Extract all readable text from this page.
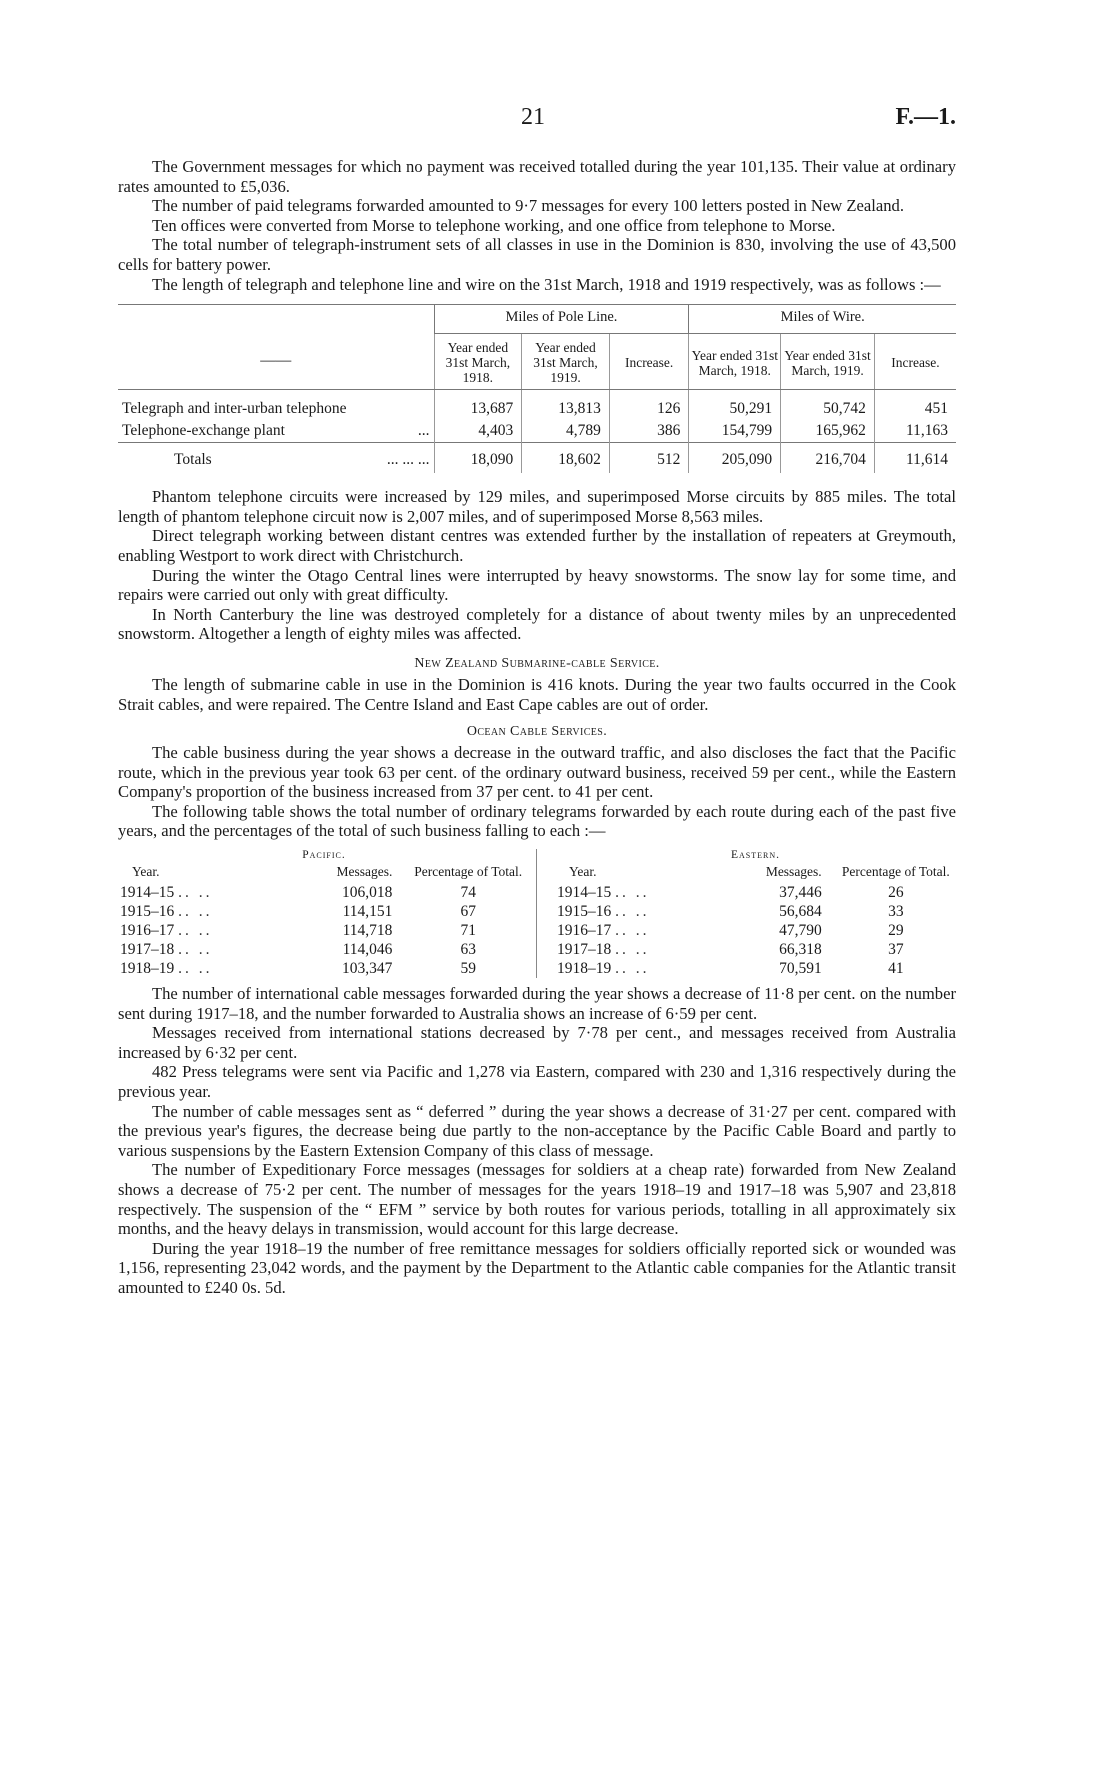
21	F.—1.

The Government messages for which no payment was received totalled during the year 101,135. Their value at ordinary rates amounted to £5,036.

The number of paid telegrams forwarded amounted to 9·7 messages for every 100 letters posted in New Zealand.

Ten offices were converted from Morse to telephone working, and one office from telephone to Morse.

The total number of telegraph-instrument sets of all classes in use in the Dominion is 830, involving the use of 43,500 cells for battery power.

The length of telegraph and telephone line and wire on the 31st March, 1918 and 1919 respectively, was as follows :—

	Miles of Pole Line.			Miles of Wire.		
——	Year ended 31st March, 1918.	Year ended 31st March, 1919.	Increase.	Year ended 31st March, 1918.	Year ended 31st March, 1919.	Increase.
Telegraph and inter-urban telephone	13,687	13,813	126	50,291	50,742	451
Telephone-exchange plant ...	4,403	4,789	386	154,799	165,962	11,163
Totals ... ... ...	18,090	18,602	512	205,090	216,704	11,614

Phantom telephone circuits were increased by 129 miles, and superimposed Morse circuits by 885 miles. The total length of phantom telephone circuit now is 2,007 miles, and of superimposed Morse 8,563 miles.

Direct telegraph working between distant centres was extended further by the installation of repeaters at Greymouth, enabling Westport to work direct with Christchurch.

During the winter the Otago Central lines were interrupted by heavy snowstorms. The snow lay for some time, and repairs were carried out only with great difficulty.

In North Canterbury the line was destroyed completely for a distance of about twenty miles by an unprecedented snowstorm. Altogether a length of eighty miles was affected.

New Zealand Submarine-cable Service.

The length of submarine cable in use in the Dominion is 416 knots. During the year two faults occurred in the Cook Strait cables, and were repaired. The Centre Island and East Cape cables are out of order.

Ocean Cable Services.

The cable business during the year shows a decrease in the outward traffic, and also discloses the fact that the Pacific route, which in the previous year took 63 per cent. of the ordinary outward business, received 59 per cent., while the Eastern Company's proportion of the business increased from 37 per cent. to 41 per cent.

The following table shows the total number of ordinary telegrams forwarded by each route during each of the past five years, and the percentages of the total of such business falling to each :—

Pacific.
Year.	Messages.	Percentage of Total.
1914–15 .. ..	106,018	74
1915–16 .. ..	114,151	67
1916–17 .. ..	114,718	71
1917–18 .. ..	114,046	63
1918–19 .. ..	103,347	59
Eastern.
Year.	Messages.	Percentage of Total.
1914–15 .. ..	37,446	26
1915–16 .. ..	56,684	33
1916–17 .. ..	47,790	29
1917–18 .. ..	66,318	37
1918–19 .. ..	70,591	41

The number of international cable messages forwarded during the year shows a decrease of 11·8 per cent. on the number sent during 1917–18, and the number forwarded to Australia shows an increase of 6·59 per cent.

Messages received from international stations decreased by 7·78 per cent., and messages received from Australia increased by 6·32 per cent.

482 Press telegrams were sent via Pacific and 1,278 via Eastern, compared with 230 and 1,316 respectively during the previous year.

The number of cable messages sent as “ deferred ” during the year shows a decrease of 31·27 per cent. compared with the previous year's figures, the decrease being due partly to the non-acceptance by the Pacific Cable Board and partly to various suspensions by the Eastern Extension Company of this class of message.

The number of Expeditionary Force messages (messages for soldiers at a cheap rate) forwarded from New Zealand shows a decrease of 75·2 per cent. The number of messages for the years 1918–19 and 1917–18 was 5,907 and 23,818 respectively. The suspension of the “ EFM ” service by both routes for various periods, totalling in all approximately six months, and the heavy delays in transmission, would account for this large decrease.

During the year 1918–19 the number of free remittance messages for soldiers officially reported sick or wounded was 1,156, representing 23,042 words, and the payment by the Department to the Atlantic cable companies for the Atlantic transit amounted to £240 0s. 5d.
